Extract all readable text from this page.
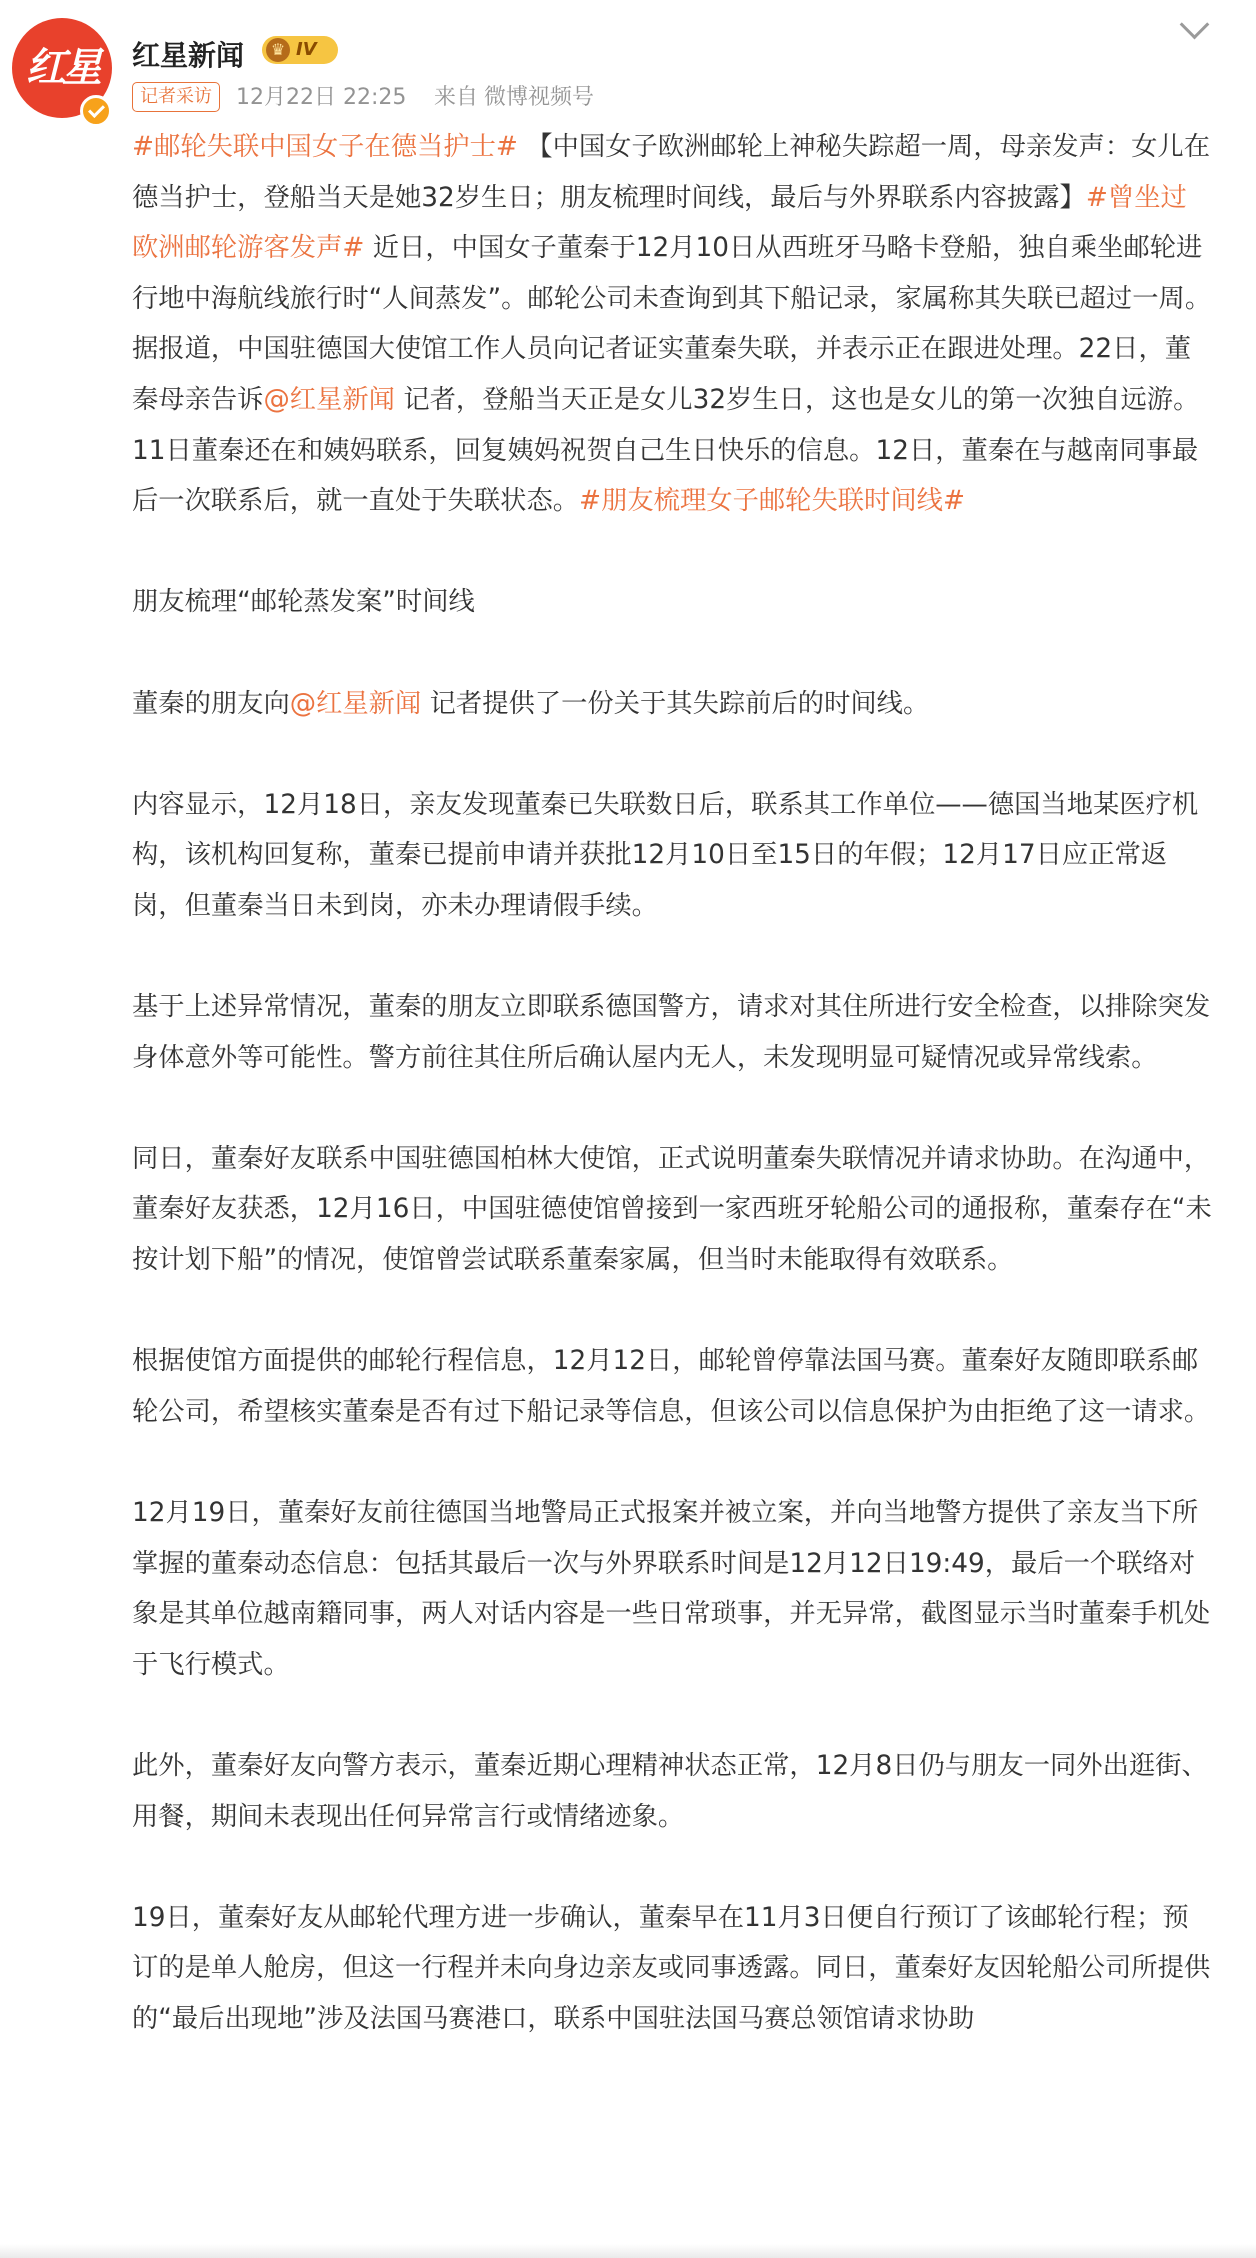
红星	红星新闻	♛ IV
记者采访	12月22日 22:25 来自 微博视频号

#邮轮失联中国女子在德当护士# 【中国女子欧洲邮轮上神秘失踪超一周，母亲发声：女儿在德当护士，登船当天是她32岁生日；朋友梳理时间线，最后与外界联系内容披露】#曾坐过欧洲邮轮游客发声# 近日，中国女子董秦于12月10日从西班牙马略卡登船，独自乘坐邮轮进行地中海航线旅行时“人间蒸发”。邮轮公司未查询到其下船记录，家属称其失联已超过一周。据报道，中国驻德国大使馆工作人员向记者证实董秦失联，并表示正在跟进处理。22日，董秦母亲告诉@红星新闻 记者，登船当天正是女儿32岁生日，这也是女儿的第一次独自远游。11日董秦还在和姨妈联系，回复姨妈祝贺自己生日快乐的信息。12日，董秦在与越南同事最后一次联系后，就一直处于失联状态。#朋友梳理女子邮轮失联时间线#

朋友梳理“邮轮蒸发案”时间线

董秦的朋友向@红星新闻 记者提供了一份关于其失踪前后的时间线。

内容显示，12月18日，亲友发现董秦已失联数日后，联系其工作单位——德国当地某医疗机构，该机构回复称，董秦已提前申请并获批12月10日至15日的年假；12月17日应正常返岗，但董秦当日未到岗，亦未办理请假手续。

基于上述异常情况，董秦的朋友立即联系德国警方，请求对其住所进行安全检查，以排除突发身体意外等可能性。警方前往其住所后确认屋内无人，未发现明显可疑情况或异常线索。

同日，董秦好友联系中国驻德国柏林大使馆，正式说明董秦失联情况并请求协助。在沟通中，董秦好友获悉，12月16日，中国驻德使馆曾接到一家西班牙轮船公司的通报称，董秦存在“未按计划下船”的情况，使馆曾尝试联系董秦家属，但当时未能取得有效联系。

根据使馆方面提供的邮轮行程信息，12月12日，邮轮曾停靠法国马赛。董秦好友随即联系邮轮公司，希望核实董秦是否有过下船记录等信息，但该公司以信息保护为由拒绝了这一请求。

12月19日，董秦好友前往德国当地警局正式报案并被立案，并向当地警方提供了亲友当下所掌握的董秦动态信息：包括其最后一次与外界联系时间是12月12日19:49，最后一个联络对象是其单位越南籍同事，两人对话内容是一些日常琐事，并无异常，截图显示当时董秦手机处于飞行模式。

此外，董秦好友向警方表示，董秦近期心理精神状态正常，12月8日仍与朋友一同外出逛街、用餐，期间未表现出任何异常言行或情绪迹象。

19日，董秦好友从邮轮代理方进一步确认，董秦早在11月3日便自行预订了该邮轮行程；预订的是单人舱房，但这一行程并未向身边亲友或同事透露。同日，董秦好友因轮船公司所提供的“最后出现地”涉及法国马赛港口，联系中国驻法国马赛总领馆请求协助
